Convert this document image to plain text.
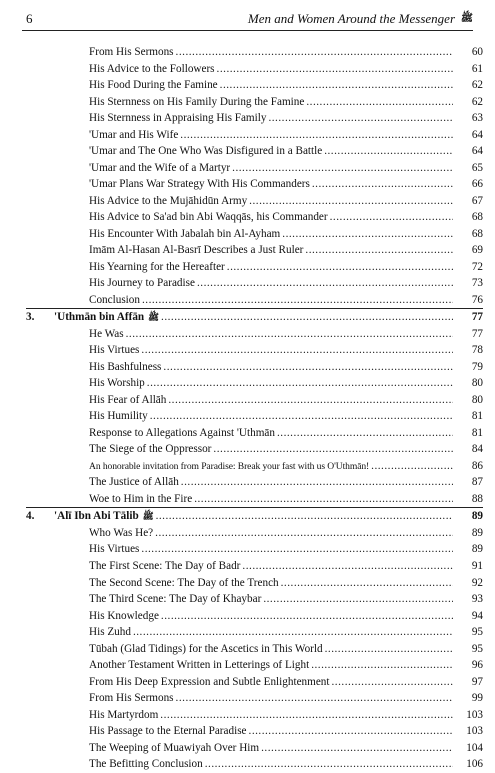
6	Men and Women Around the Messenger ﷺ
From His Sermons .....	60
His Advice to the Followers .....	61
His Food During the Famine .....	62
His Sternness on His Family During the Famine .....	62
His Sternness in Appraising His Family .....	63
'Umar and His Wife .....	64
'Umar and The One Who Was Disfigured in a Battle .....	64
'Umar and the Wife of a Martyr .....	65
'Umar Plans War Strategy With His Commanders .....	66
His Advice to the Mujāhidūn Army .....	67
His Advice to Sa'ad bin Abi Waqqās, his Commander .....	68
His Encounter With Jabalah bin Al-Ayham .....	68
Imām Al-Hasan Al-Basrī Describes a Just Ruler .....	69
His Yearning for the Hereafter .....	72
His Journey to Paradise .....	73
Conclusion .....	76
3. 'Uthmān bin Affān ﷺ .....	77
He Was .....	77
His Virtues .....	78
His Bashfulness .....	79
His Worship .....	80
His Fear of Allāh .....	80
His Humility .....	81
Response to Allegations Against 'Uthmān .....	81
The Siege of the Oppressor .....	84
An honorable invitation from Paradise: Break your fast with us O'Uthmān! .....	86
The Justice of Allāh .....	87
Woe to Him in the Fire .....	88
4. 'Alī Ibn Abi Tālib ﷺ .....	89
Who Was He? .....	89
His Virtues .....	89
The First Scene: The Day of Badr .....	91
The Second Scene: The Day of the Trench .....	92
The Third Scene: The Day of Khaybar .....	93
His Knowledge .....	94
His Zuhd .....	95
Tūbah (Glad Tidings) for the Ascetics in This World .....	95
Another Testament Written in Letterings of Light .....	96
From His Deep Expression and Subtle Enlightenment .....	97
From His Sermons .....	99
His Martyrdom .....	103
His Passage to the Eternal Paradise .....	103
The Weeping of Muawiyah Over Him .....	104
The Befitting Conclusion .....	106
